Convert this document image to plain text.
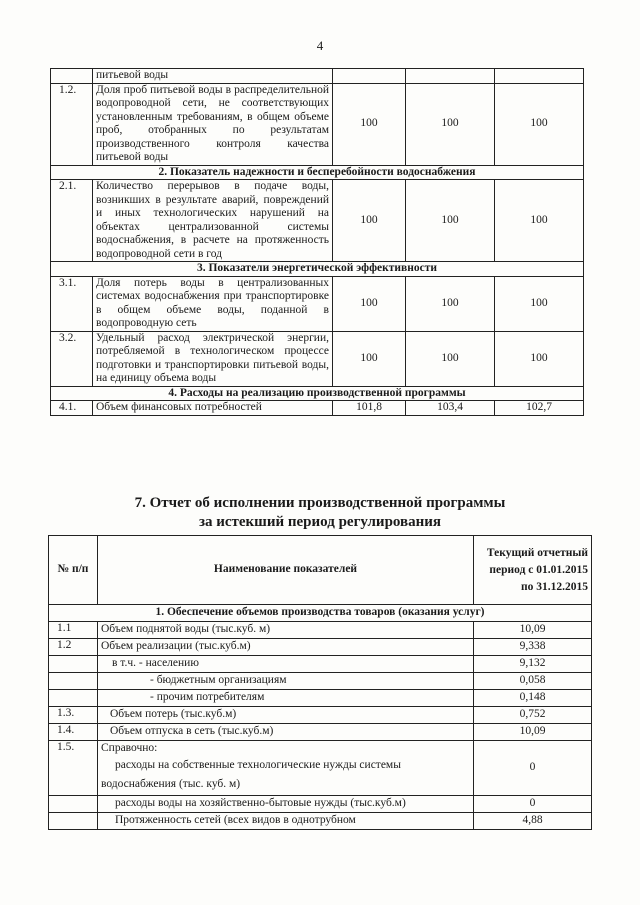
4
	питьевой воды			
1.2.	Доля проб питьевой воды в распределительной водопроводной сети, не соответствующих установленным требованиям, в общем объеме проб, отобранных по результатам производственного контроля качества питьевой воды	100	100	100
2. Показатель надежности и бесперебойности водоснабжения				
2.1.	Количество перерывов в подаче воды, возникших в результате аварий, повреждений и иных технологических нарушений на объектах централизованной системы водоснабжения, в расчете на протяженность водопроводной сети в год	100	100	100
3. Показатели энергетической эффективности				
3.1.	Доля потерь воды в централизованных системах водоснабжения при транспортировке в общем объеме воды, поданной в водопроводную сеть	100	100	100
3.2.	Удельный расход электрической энергии, потребляемой в технологическом процессе подготовки и транспортировки питьевой воды, на единицу объема воды	100	100	100
4. Расходы на реализацию производственной программы				
4.1.	Объем финансовых потребностей	101,8	103,4	102,7
7. Отчет об исполнении производственной программы
за истекший период регулирования
№ п/п	Наименование показателей	Текущий отчетный период с 01.01.2015 по 31.12.2015
1. Обеспечение объемов производства товаров (оказания услуг)		
1.1	Объем поднятой воды (тыс.куб. м)	10,09
1.2	Объем реализации (тыс.куб.м)	9,338
	в т.ч. - населению	9,132
	- бюджетным организациям	0,058
	- прочим потребителям	0,148
1.3.	Объем потерь (тыс.куб.м)	0,752
1.4.	Объем отпуска в сеть (тыс.куб.м)	10,09
1.5.	Справочно:
расходы на собственные технологические нужды системы
водоснабжения (тыс. куб. м)	0

	расходы воды на хозяйственно-бытовые нужды (тыс.куб.м)	0

	Протяженность сетей (всех видов в однотрубном	4,88
